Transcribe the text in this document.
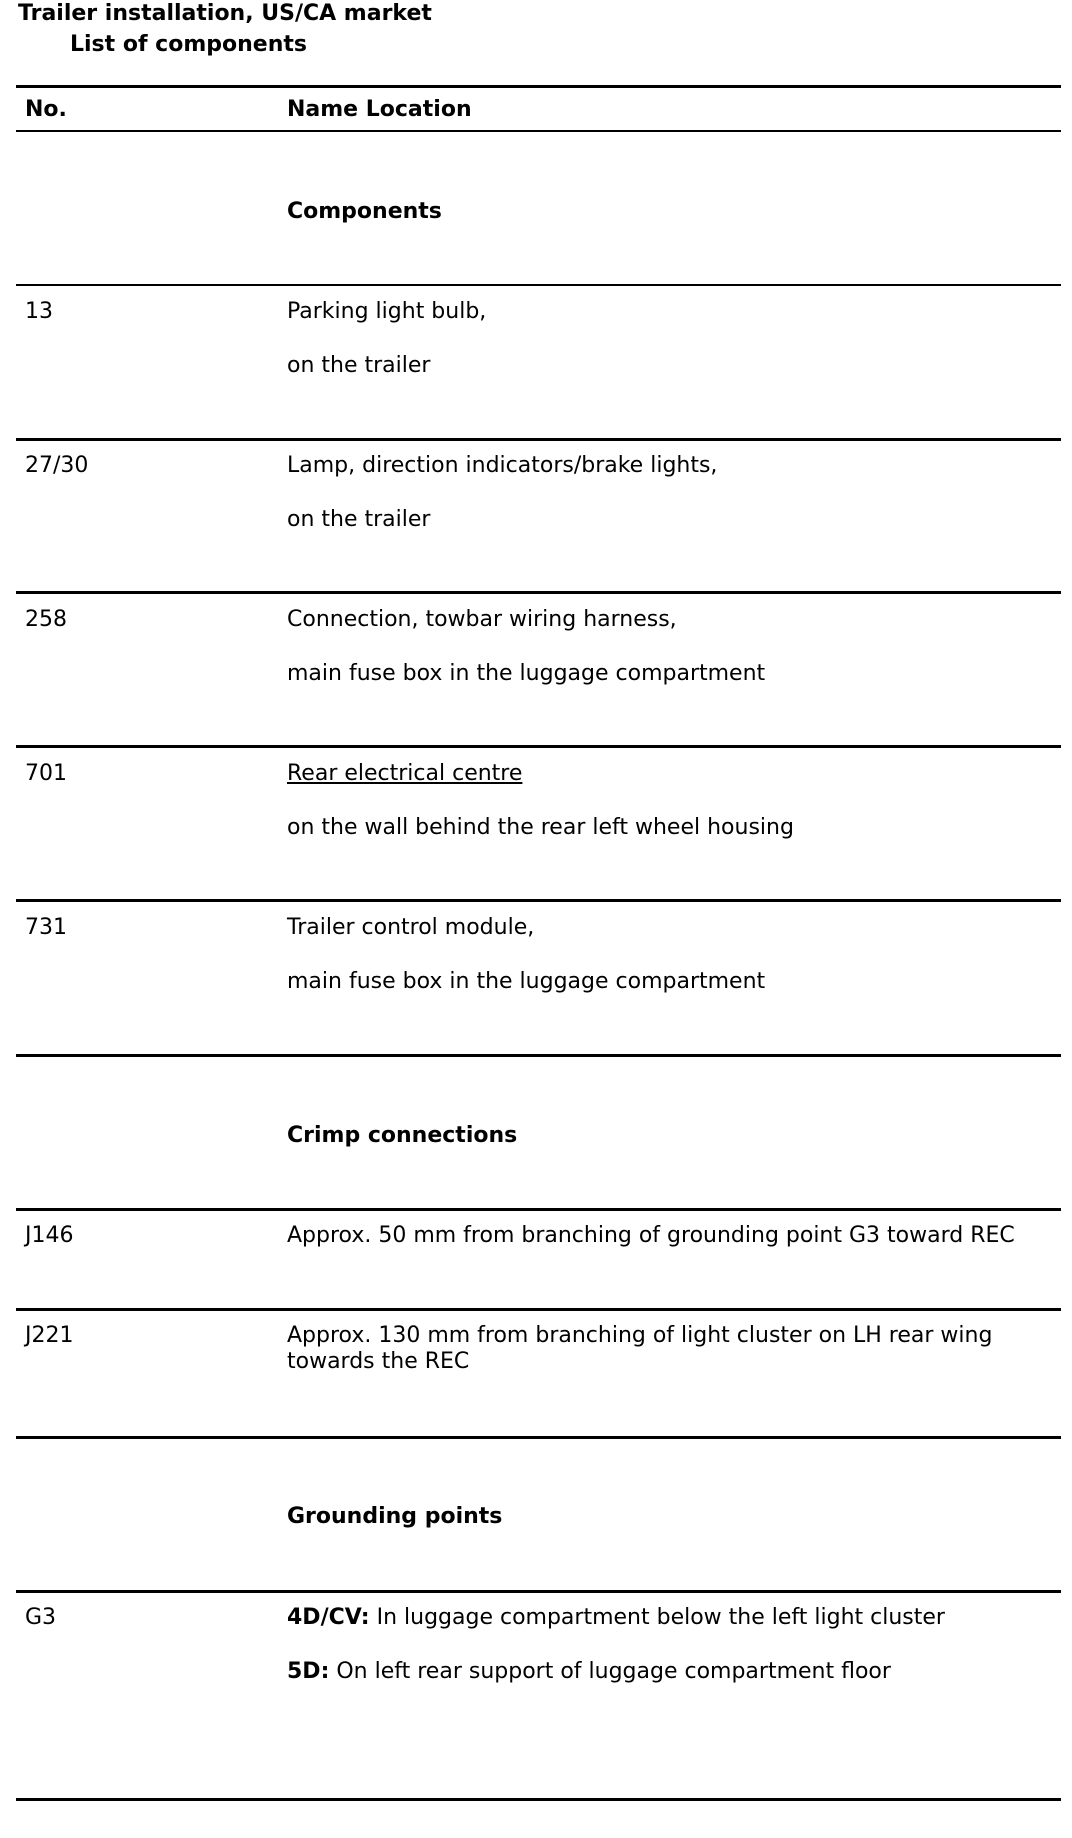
Trailer installation, US/CA market
List of components
No.	Name Location
Components
13	Parking light bulb,
on the trailer
27/30	Lamp, direction indicators/brake lights,
on the trailer
258	Connection, towbar wiring harness,
main fuse box in the luggage compartment
701	Rear electrical centre
on the wall behind the rear left wheel housing
731	Trailer control module,
main fuse box in the luggage compartment
Crimp connections
J146	Approx. 50 mm from branching of grounding point G3 toward REC
J221	Approx. 130 mm from branching of light cluster on LH rear wing towards the REC
Grounding points
G3	4D/CV: In luggage compartment below the left light cluster
5D: On left rear support of luggage compartment floor
